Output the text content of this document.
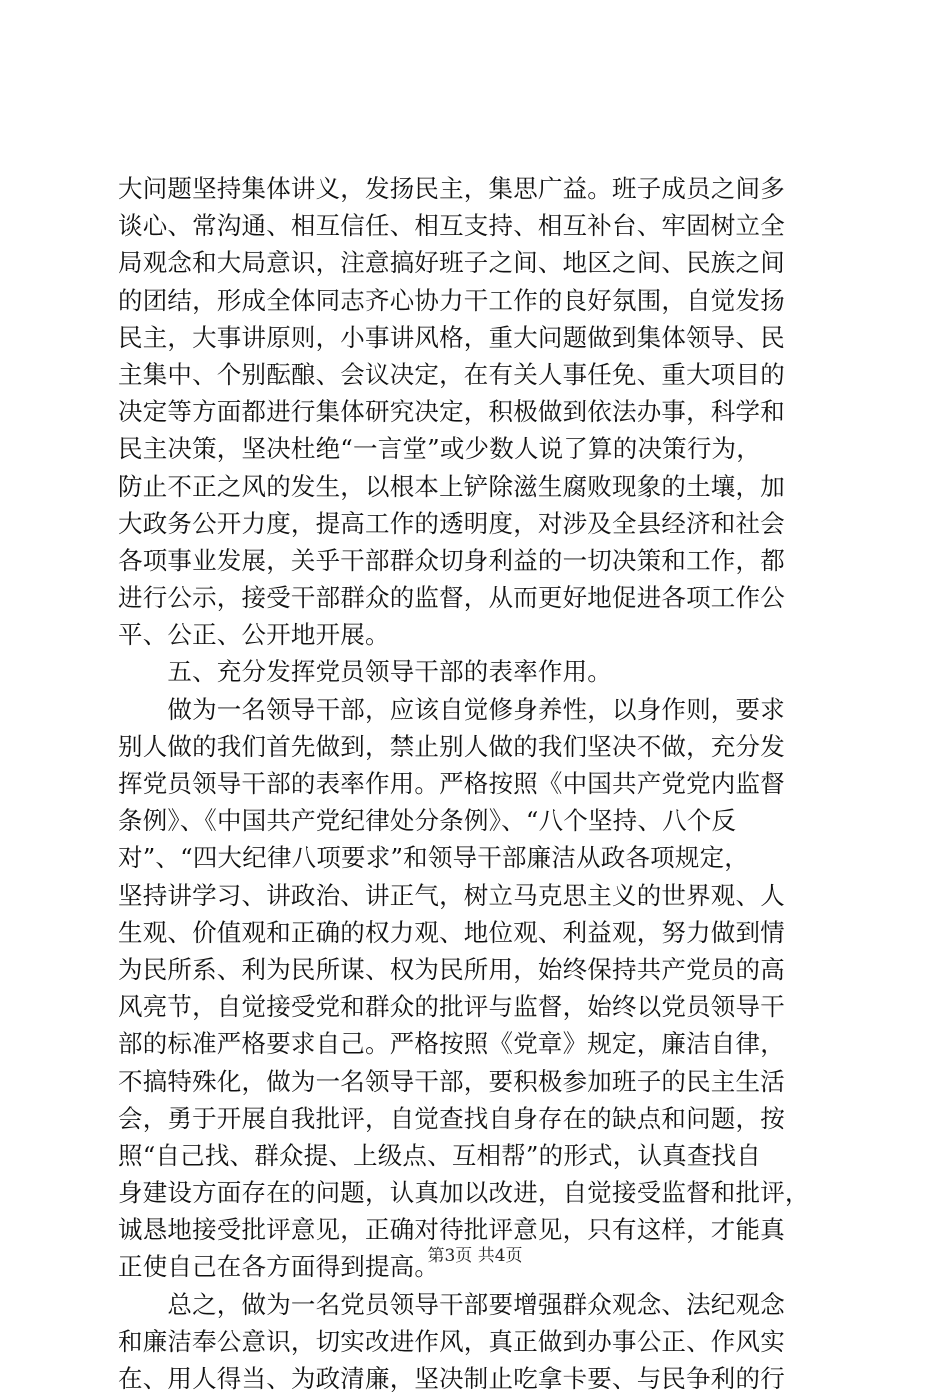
大问题坚持集体讲义，发扬民主，集思广益。班子成员之间多
谈心、常沟通、相互信任、相互支持、相互补台、牢固树立全
局观念和大局意识，注意搞好班子之间、地区之间、民族之间
的团结，形成全体同志齐心协力干工作的良好氛围，自觉发扬
民主，大事讲原则，小事讲风格，重大问题做到集体领导、民
主集中、个别酝酿、会议决定，在有关人事任免、重大项目的
决定等方面都进行集体研究决定，积极做到依法办事，科学和
民主决策，坚决杜绝“一言堂”或少数人说了算的决策行为，
防止不正之风的发生，以根本上铲除滋生腐败现象的土壤，加
大政务公开力度，提高工作的透明度，对涉及全县经济和社会
各项事业发展，关乎干部群众切身利益的一切决策和工作，都
进行公示，接受干部群众的监督，从而更好地促进各项工作公
平、公正、公开地开展。
　　五、充分发挥党员领导干部的表率作用。
　　做为一名领导干部，应该自觉修身养性，以身作则，要求
别人做的我们首先做到，禁止别人做的我们坚决不做，充分发
挥党员领导干部的表率作用。严格按照《中国共产党党内监督
条例》、《中国共产党纪律处分条例》、“八个坚持、八个反
对”、“四大纪律八项要求”和领导干部廉洁从政各项规定，
坚持讲学习、讲政治、讲正气，树立马克思主义的世界观、人
生观、价值观和正确的权力观、地位观、利益观，努力做到情
为民所系、利为民所谋、权为民所用，始终保持共产党员的高
风亮节，自觉接受党和群众的批评与监督，始终以党员领导干
部的标准严格要求自己。严格按照《党章》规定，廉洁自律，
不搞特殊化，做为一名领导干部，要积极参加班子的民主生活
会，勇于开展自我批评，自觉查找自身存在的缺点和问题，按
照“自己找、群众提、上级点、互相帮”的形式，认真查找自
身建设方面存在的问题，认真加以改进，自觉接受监督和批评，
诚恳地接受批评意见，正确对待批评意见，只有这样，才能真
正使自己在各方面得到提高。
　　总之，做为一名党员领导干部要增强群众观念、法纪观念
和廉洁奉公意识，切实改进作风，真正做到办事公正、作风实
在、用人得当、为政清廉，坚决制止吃拿卡要、与民争利的行
第3页 共4页
